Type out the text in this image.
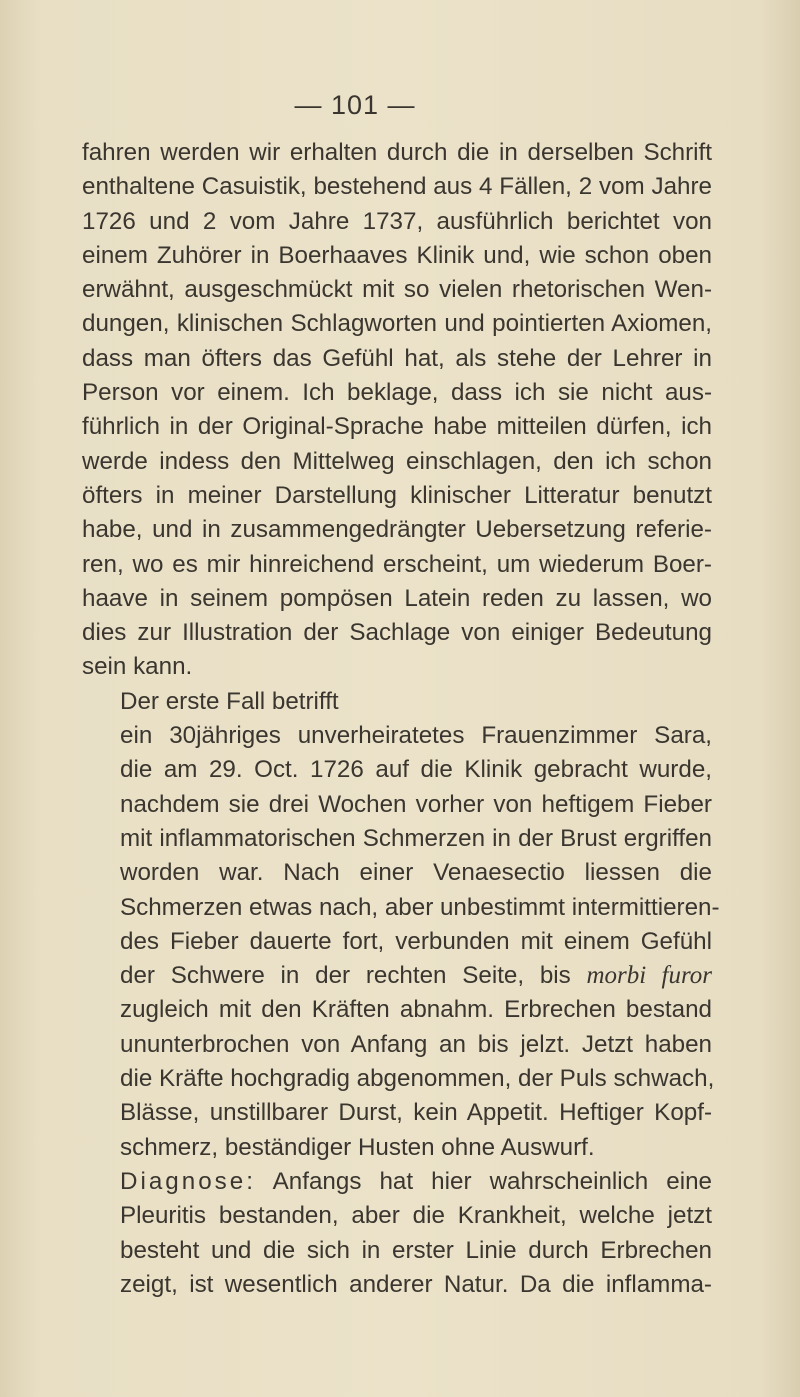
— 101 —
fahren werden wir erhalten durch die in derselben Schrift
enthaltene Casuistik, bestehend aus 4 Fällen, 2 vom Jahre
1726 und 2 vom Jahre 1737, ausführlich berichtet von
einem Zuhörer in Boerhaaves Klinik und, wie schon oben
erwähnt, ausgeschmückt mit so vielen rhetorischen Wen-
dungen, klinischen Schlagworten und pointierten Axiomen,
dass man öfters das Gefühl hat, als stehe der Lehrer in
Person vor einem. Ich beklage, dass ich sie nicht aus-
führlich in der Original-Sprache habe mitteilen dürfen, ich
werde indess den Mittelweg einschlagen, den ich schon
öfters in meiner Darstellung klinischer Litteratur benutzt
habe, und in zusammengedrängter Uebersetzung referie-
ren, wo es mir hinreichend erscheint, um wiederum Boer-
haave in seinem pompösen Latein reden zu lassen, wo
dies zur Illustration der Sachlage von einiger Bedeutung
sein kann.
Der erste Fall betrifft
ein 30jähriges unverheiratetes Frauenzimmer Sara,
die am 29. Oct. 1726 auf die Klinik gebracht wurde,
nachdem sie drei Wochen vorher von heftigem Fieber
mit inflammatorischen Schmerzen in der Brust ergriffen
worden war. Nach einer Venaesectio liessen die
Schmerzen etwas nach, aber unbestimmt intermittieren-
des Fieber dauerte fort, verbunden mit einem Gefühl
der Schwere in der rechten Seite, bis morbi furor
zugleich mit den Kräften abnahm. Erbrechen bestand
ununterbrochen von Anfang an bis jelzt. Jetzt haben
die Kräfte hochgradig abgenommen, der Puls schwach,
Blässe, unstillbarer Durst, kein Appetit. Heftiger Kopf-
schmerz, beständiger Husten ohne Auswurf.
Diagnose: Anfangs hat hier wahrscheinlich eine
Pleuritis bestanden, aber die Krankheit, welche jetzt
besteht und die sich in erster Linie durch Erbrechen
zeigt, ist wesentlich anderer Natur. Da die inflamma-
